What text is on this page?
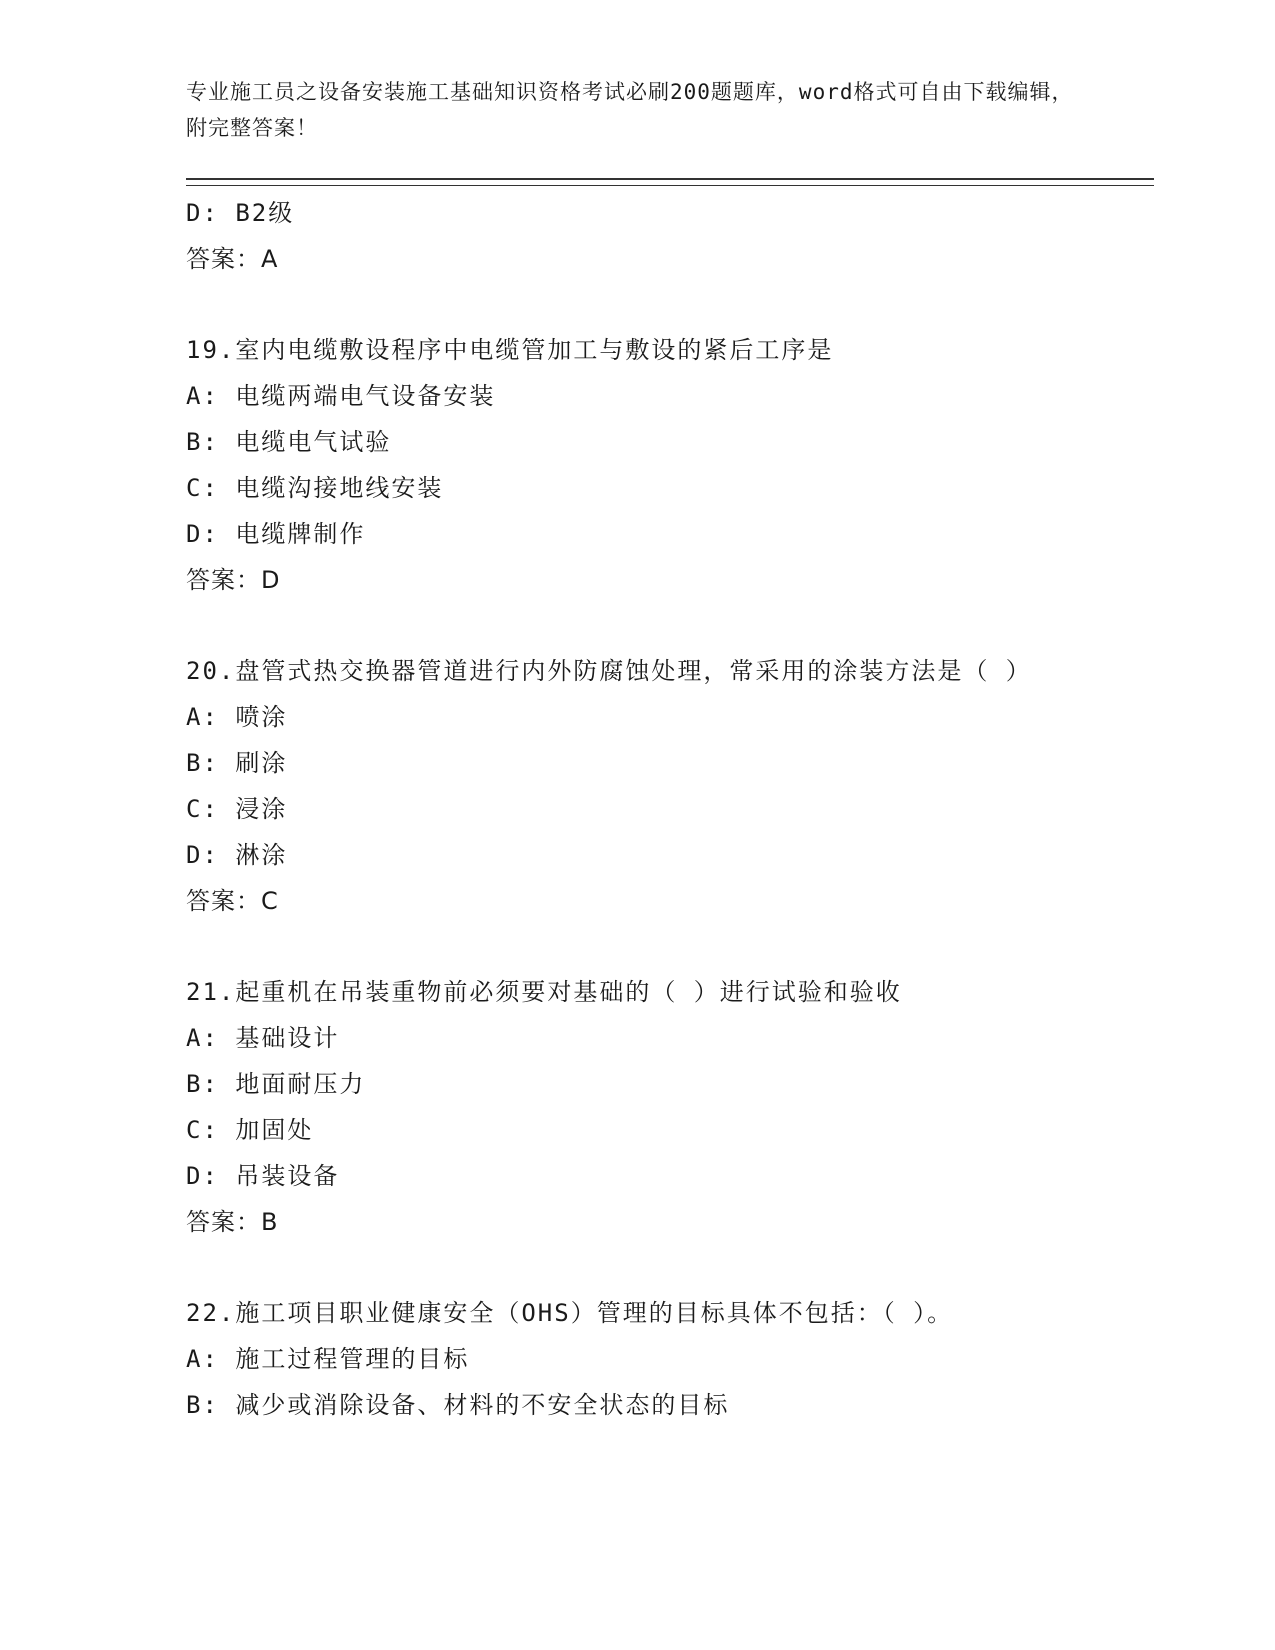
专业施工员之设备安装施工基础知识资格考试必刷200题题库，word格式可自由下载编辑，附完整答案！
D: B2级
答案：A
19.室内电缆敷设程序中电缆管加工与敷设的紧后工序是
A: 电缆两端电气设备安装
B: 电缆电气试验
C: 电缆沟接地线安装
D: 电缆牌制作
答案：D
20.盘管式热交换器管道进行内外防腐蚀处理，常采用的涂装方法是（ ）
A: 喷涂
B: 刷涂
C: 浸涂
D: 淋涂
答案：C
21.起重机在吊装重物前必须要对基础的（ ）进行试验和验收
A: 基础设计
B: 地面耐压力
C: 加固处
D: 吊装设备
答案：B
22.施工项目职业健康安全（OHS）管理的目标具体不包括：（ ）。
A: 施工过程管理的目标
B: 减少或消除设备、材料的不安全状态的目标
